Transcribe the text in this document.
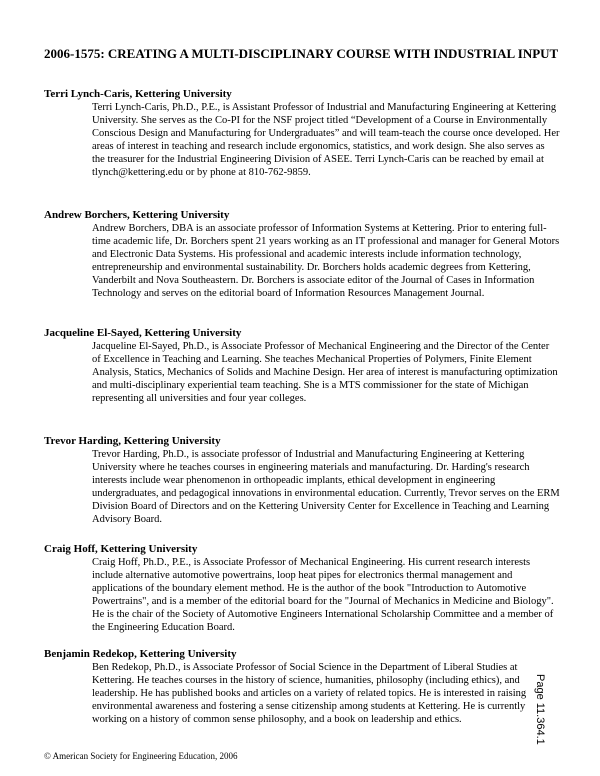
2006-1575: CREATING A MULTI-DISCIPLINARY COURSE WITH INDUSTRIAL INPUT

Terri Lynch-Caris, Kettering University

Terri Lynch-Caris, Ph.D., P.E., is Assistant Professor of Industrial and Manufacturing Engineering at Kettering University. She serves as the Co-PI for the NSF project titled “Development of a Course in Environmentally Conscious Design and Manufacturing for Undergraduates” and will team-teach the course once developed. Her areas of interest in teaching and research include ergonomics, statistics, and work design. She also serves as the treasurer for the Industrial Engineering Division of ASEE. Terri Lynch-Caris can be reached by email at tlynch@kettering.edu or by phone at 810-762-9859.

Andrew Borchers, Kettering University

Andrew Borchers, DBA is an associate professor of Information Systems at Kettering. Prior to entering full-time academic life, Dr. Borchers spent 21 years working as an IT professional and manager for General Motors and Electronic Data Systems. His professional and academic interests include information technology, entrepreneurship and environmental sustainability. Dr. Borchers holds academic degrees from Kettering, Vanderbilt and Nova Southeastern. Dr. Borchers is associate editor of the Journal of Cases in Information Technology and serves on the editorial board of Information Resources Management Journal.

Jacqueline El-Sayed, Kettering University

Jacqueline El-Sayed, Ph.D., is Associate Professor of Mechanical Engineering and the Director of the Center of Excellence in Teaching and Learning. She teaches Mechanical Properties of Polymers, Finite Element Analysis, Statics, Mechanics of Solids and Machine Design. Her area of interest is manufacturing optimization and multi-disciplinary experiential team teaching. She is a MTS commissioner for the state of Michigan representing all universities and four year colleges.

Trevor Harding, Kettering University

Trevor Harding, Ph.D., is associate professor of Industrial and Manufacturing Engineering at Kettering University where he teaches courses in engineering materials and manufacturing. Dr. Harding's research interests include wear phenomenon in orthopeadic implants, ethical development in engineering undergraduates, and pedagogical innovations in environmental education. Currently, Trevor serves on the ERM Division Board of Directors and on the Kettering University Center for Excellence in Teaching and Learning Advisory Board.

Craig Hoff, Kettering University

Craig Hoff, Ph.D., P.E., is Associate Professor of Mechanical Engineering. His current research interests include alternative automotive powertrains, loop heat pipes for electronics thermal management and applications of the boundary element method. He is the author of the book "Introduction to Automotive Powertrains", and is a member of the editorial board for the "Journal of Mechanics in Medicine and Biology". He is the chair of the Society of Automotive Engineers International Scholarship Committee and a member of the Engineering Education Board.

Benjamin Redekop, Kettering University

Ben Redekop, Ph.D., is Associate Professor of Social Science in the Department of Liberal Studies at Kettering. He teaches courses in the history of science, humanities, philosophy (including ethics), and leadership. He has published books and articles on a variety of related topics. He is interested in raising environmental awareness and fostering a sense citizenship among students at Kettering. He is currently working on a history of common sense philosophy, and a book on leadership and ethics.

© American Society for Engineering Education, 2006
Page 11.364.1
